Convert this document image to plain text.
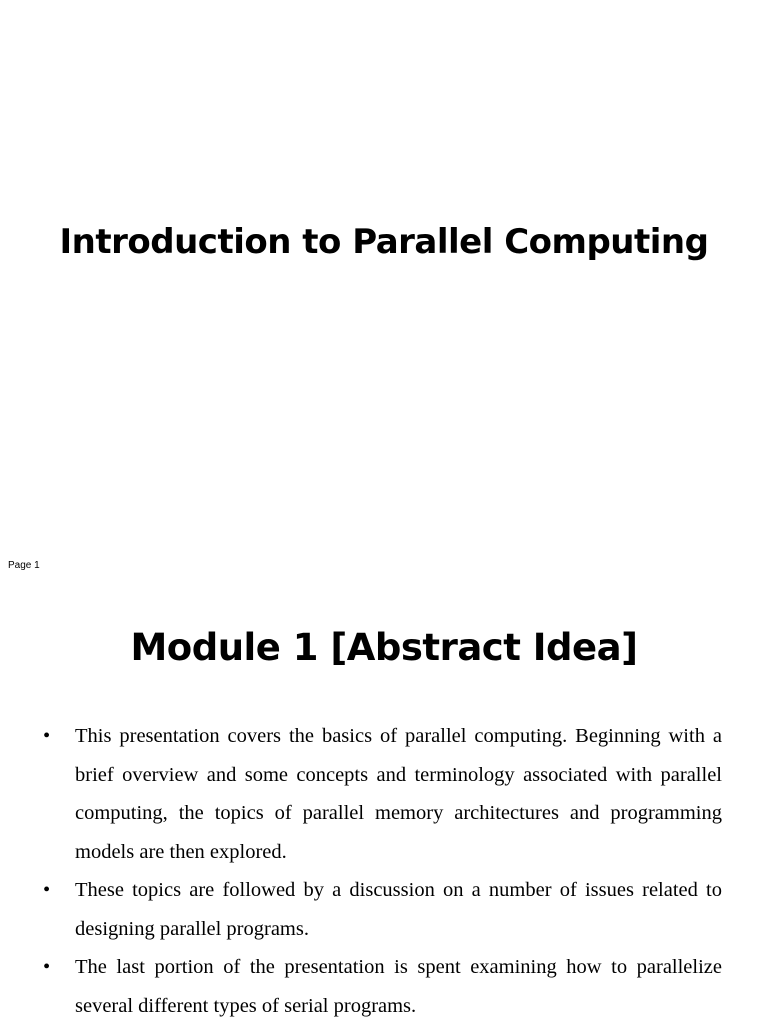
Introduction to Parallel Computing
Page 1
Module 1 [Abstract Idea]
•	This presentation covers the basics of parallel computing. Beginning with a brief overview and some concepts and terminology associated with parallel computing, the topics of parallel memory architectures and programming models are then explored.
•	These topics are followed by a discussion on a number of issues related to designing parallel programs.
•	The last portion of the presentation is spent examining how to parallelize several different types of serial programs.
